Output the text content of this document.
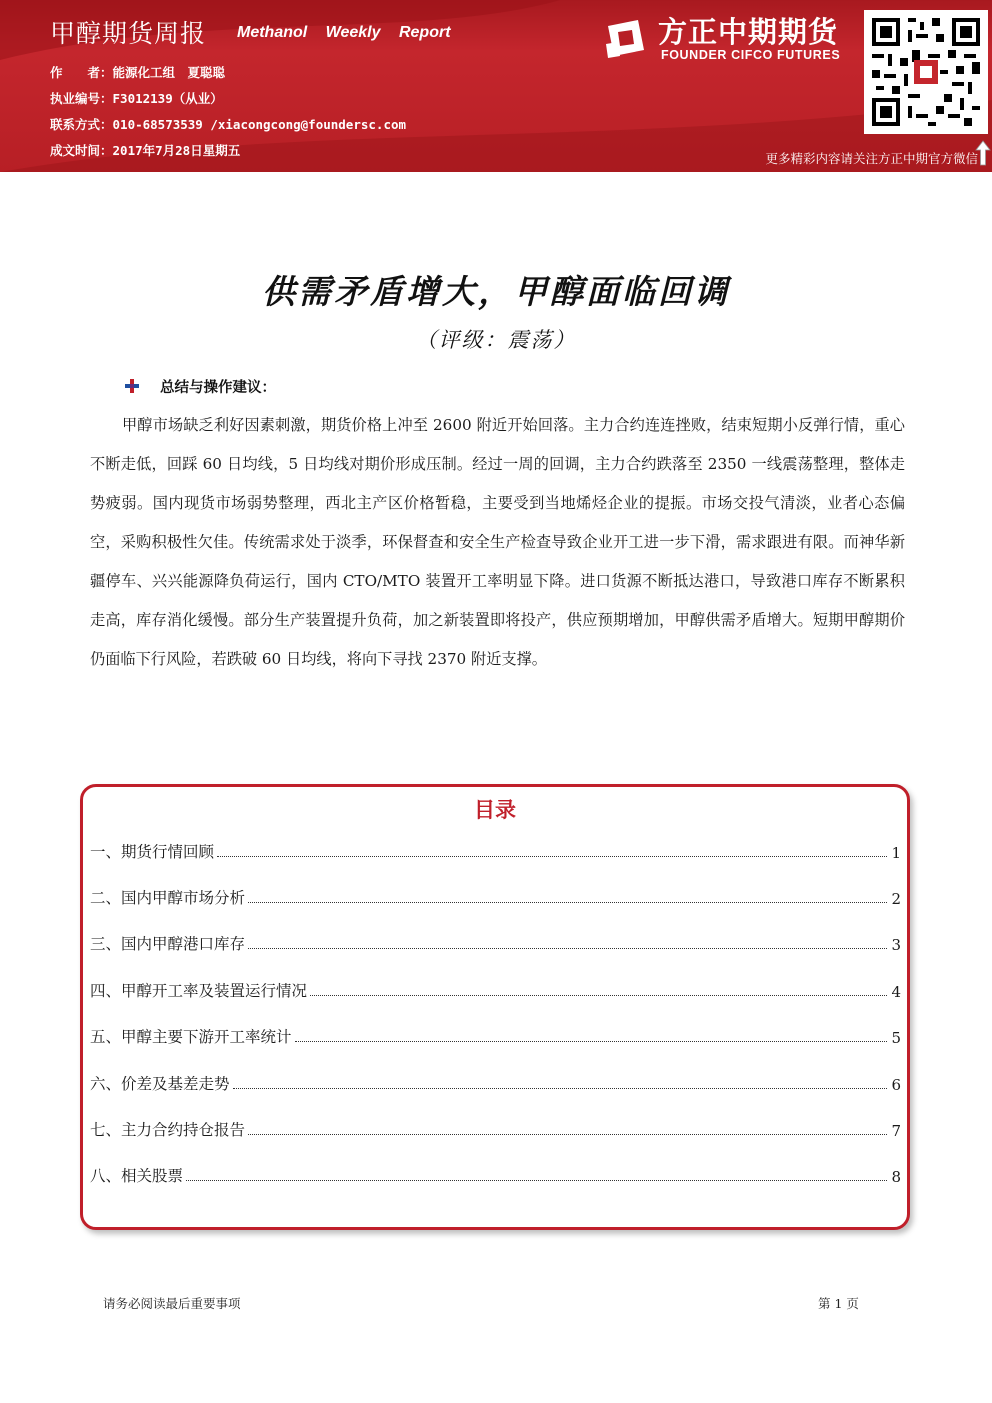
甲醇期货周报 Methanol Weekly Report
作　　者：能源化工组　夏聪聪
执业编号：F3012139（从业）
联系方式：010-68573539 /xiacongcong@foundersc.com
成文时间：2017年7月28日星期五
方正中期期货
FOUNDER CIFCO FUTURES
更多精彩内容请关注方正中期官方微信
供需矛盾增大，甲醇面临回调
（评级：震荡）
总结与操作建议：
甲醇市场缺乏利好因素刺激，期货价格上冲至 2600 附近开始回落。主力合约连连挫败，结束短期小反弹行情，重心不断走低，回踩 60 日均线，5 日均线对期价形成压制。经过一周的回调，主力合约跌落至 2350 一线震荡整理，整体走势疲弱。国内现货市场弱势整理，西北主产区价格暂稳，主要受到当地烯烃企业的提振。市场交投气清淡，业者心态偏空，采购积极性欠佳。传统需求处于淡季，环保督查和安全生产检查导致企业开工进一步下滑，需求跟进有限。而神华新疆停车、兴兴能源降负荷运行，国内 CTO/MTO 装置开工率明显下降。进口货源不断抵达港口，导致港口库存不断累积走高，库存消化缓慢。部分生产装置提升负荷，加之新装置即将投产，供应预期增加，甲醇供需矛盾增大。短期甲醇期价仍面临下行风险，若跌破 60 日均线，将向下寻找 2370 附近支撑。
目录
一、期货行情回顾	1
二、国内甲醇市场分析	2
三、国内甲醇港口库存	3
四、甲醇开工率及装置运行情况	4
五、甲醇主要下游开工率统计	5
六、价差及基差走势	6
七、主力合约持仓报告	7
八、相关股票	8
请务必阅读最后重要事项	第 1 页
